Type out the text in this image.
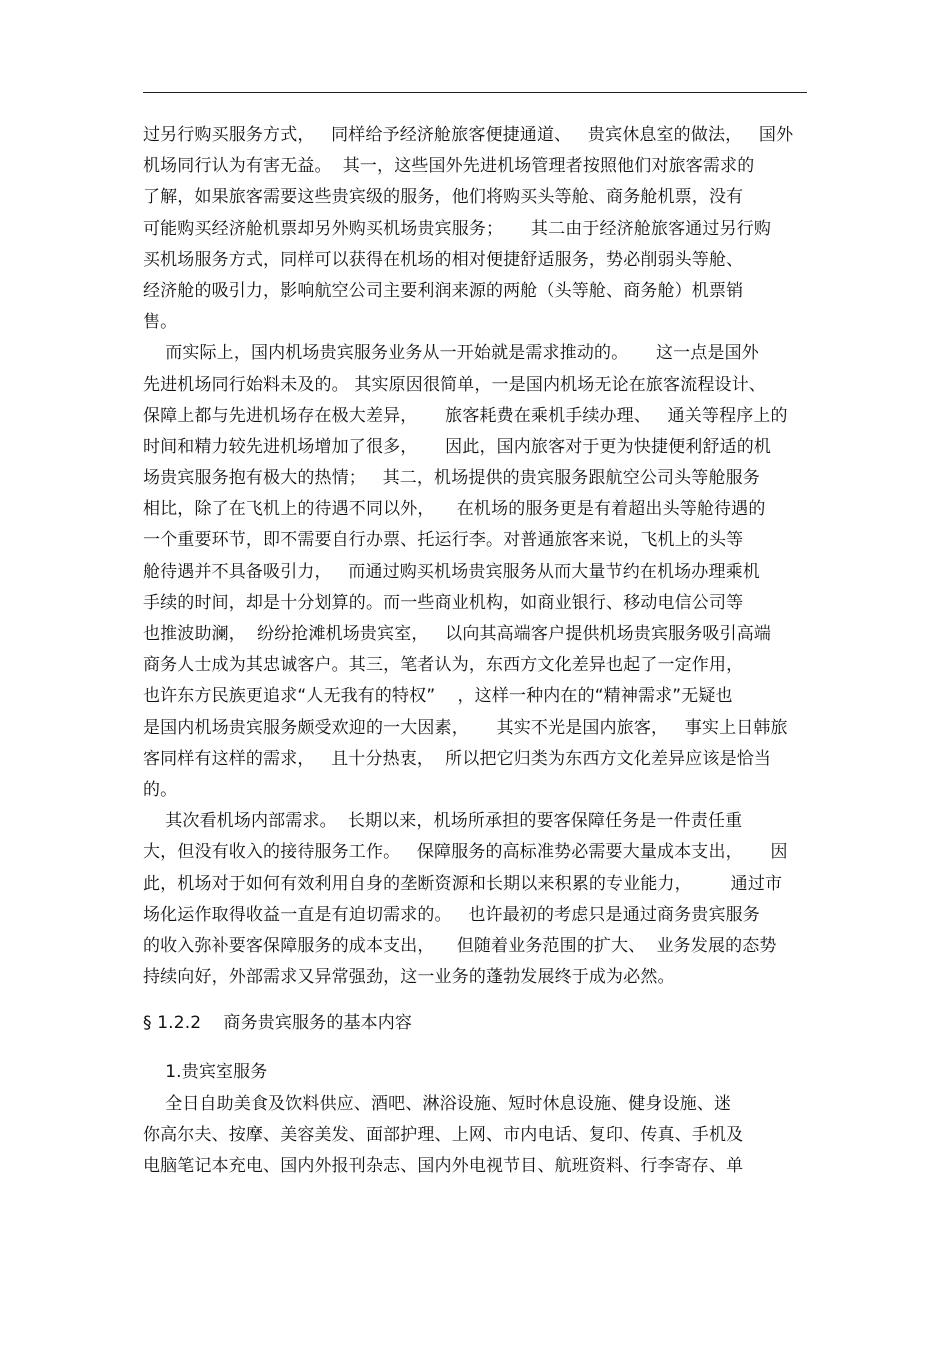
过另行购买服务方式，   同样给予经济舱旅客便捷通道、   贵宾休息室的做法，   国外
机场同行认为有害无益。  其一，这些国外先进机场管理者按照他们对旅客需求的
了解，如果旅客需要这些贵宾级的服务，他们将购买头等舱、商务舱机票，没有
可能购买经济舱机票却另外购买机场贵宾服务；     其二由于经济舱旅客通过另行购
买机场服务方式，同样可以获得在机场的相对便捷舒适服务，势必削弱头等舱、
经济舱的吸引力，影响航空公司主要利润来源的两舱（头等舱、商务舱）机票销
售。
而实际上，国内机场贵宾服务业务从一开始就是需求推动的。     这一点是国外
先进机场同行始料未及的。 其实原因很简单，一是国内机场无论在旅客流程设计、
保障上都与先进机场存在极大差异，     旅客耗费在乘机手续办理、   通关等程序上的
时间和精力较先进机场增加了很多，     因此，国内旅客对于更为快捷便利舒适的机
场贵宾服务抱有极大的热情；   其二，机场提供的贵宾服务跟航空公司头等舱服务
相比，除了在飞机上的待遇不同以外，    在机场的服务更是有着超出头等舱待遇的
一个重要环节，即不需要自行办票、托运行李。对普通旅客来说，飞机上的头等
舱待遇并不具备吸引力，   而通过购买机场贵宾服务从而大量节约在机场办理乘机
手续的时间，却是十分划算的。而一些商业机构，如商业银行、移动电信公司等
也推波助澜，  纷纷抢滩机场贵宾室，   以向其高端客户提供机场贵宾服务吸引高端
商务人士成为其忠诚客户。其三，笔者认为，东西方文化差异也起了一定作用，
也许东方民族更追求“人无我有的特权”    ，这样一种内在的“精神需求”无疑也
是国内机场贵宾服务颇受欢迎的一大因素，     其实不光是国内旅客，   事实上日韩旅
客同样有这样的需求，   且十分热衷，  所以把它归类为东西方文化差异应该是恰当
的。
其次看机场内部需求。  长期以来，机场所承担的要客保障任务是一件责任重
大，但没有收入的接待服务工作。   保障服务的高标准势必需要大量成本支出，     因
此，机场对于如何有效利用自身的垄断资源和长期以来积累的专业能力，       通过市
场化运作取得收益一直是有迫切需求的。   也许最初的考虑只是通过商务贵宾服务
的收入弥补要客保障服务的成本支出，    但随着业务范围的扩大、  业务发展的态势
持续向好，外部需求又异常强劲，这一业务的蓬勃发展终于成为必然。
§ 1.2.2    商务贵宾服务的基本内容
1.贵宾室服务
全日自助美食及饮料供应、酒吧、淋浴设施、短时休息设施、健身设施、迷
你高尔夫、按摩、美容美发、面部护理、上网、市内电话、复印、传真、手机及
电脑笔记本充电、国内外报刊杂志、国内外电视节目、航班资料、行李寄存、单
